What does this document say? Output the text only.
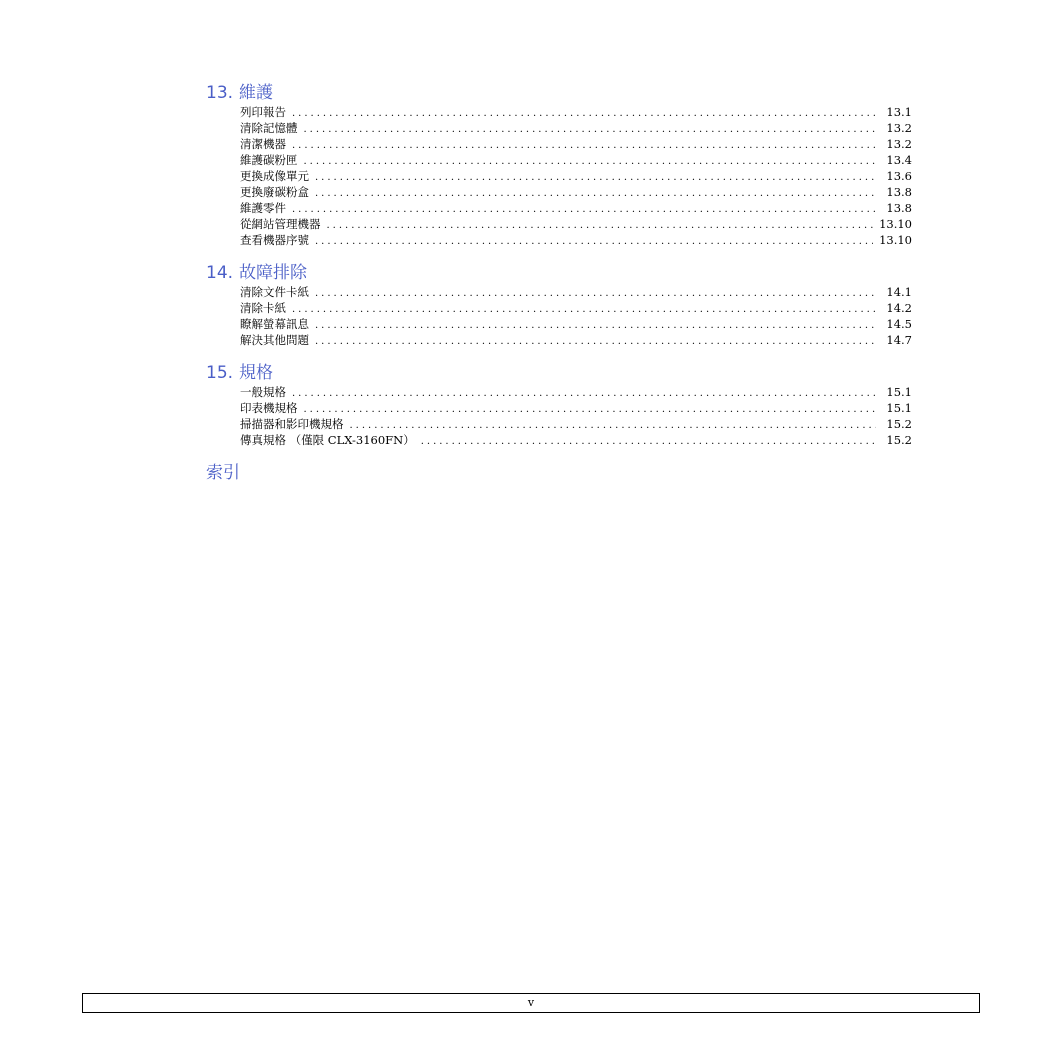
13. 維護
列印報告 .....	13.1
清除記憶體 .....	13.2
清潔機器 .....	13.2
維護碳粉匣 .....	13.4
更換成像單元 .....	13.6
更換廢碳粉盒 .....	13.8
維護零件 .....	13.8
從網站管理機器 .....	13.10
查看機器序號 .....	13.10
14. 故障排除
清除文件卡紙 .....	14.1
清除卡紙 .....	14.2
瞭解螢幕訊息 .....	14.5
解決其他問題 .....	14.7
15. 規格
一般規格 .....	15.1
印表機規格 .....	15.1
掃描器和影印機規格 .....	15.2
傳真規格 （僅限 CLX-3160FN） .....	15.2
索引
v
